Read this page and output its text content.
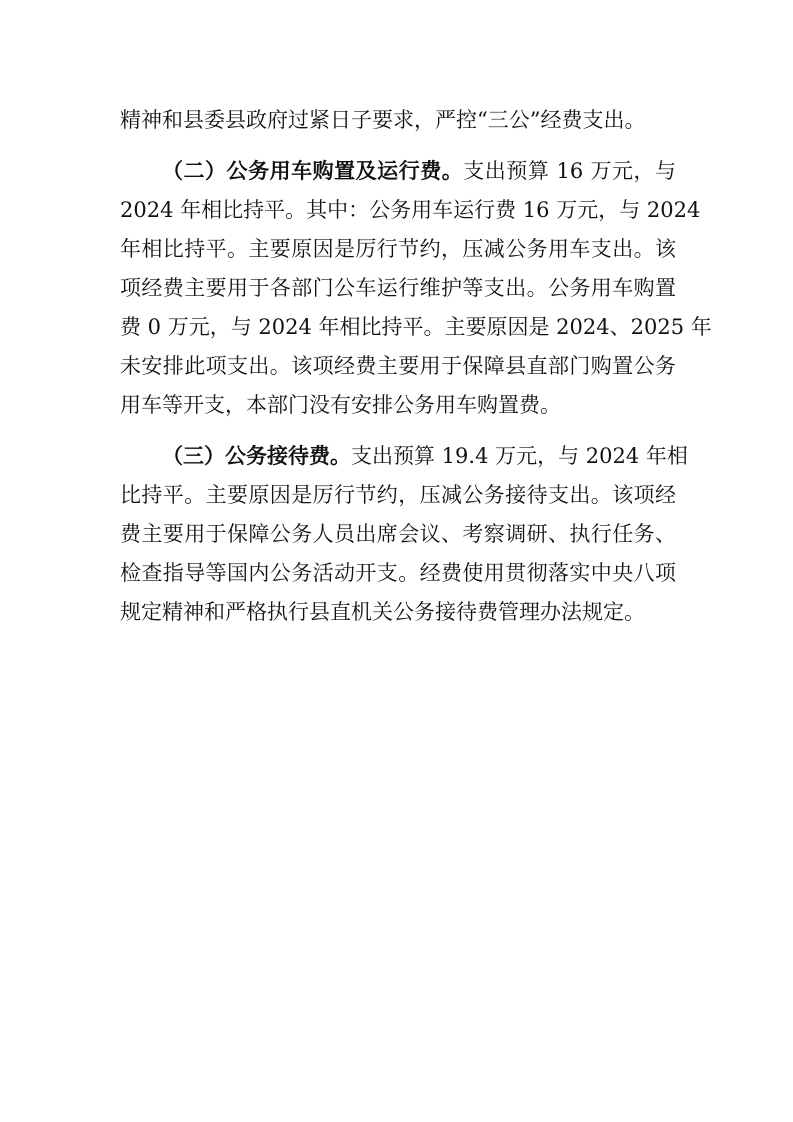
精神和县委县政府过紧日子要求，严控“三公”经费支出。
（二）公务用车购置及运行费。支出预算 16 万元，与
2024 年相比持平。其中：公务用车运行费 16 万元，与 2024
年相比持平。主要原因是厉行节约，压减公务用车支出。该
项经费主要用于各部门公车运行维护等支出。公务用车购置
费 0 万元，与 2024 年相比持平。主要原因是 2024、2025 年
未安排此项支出。该项经费主要用于保障县直部门购置公务
用车等开支，本部门没有安排公务用车购置费。
（三）公务接待费。支出预算 19.4 万元，与 2024 年相
比持平。主要原因是厉行节约，压减公务接待支出。该项经
费主要用于保障公务人员出席会议、考察调研、执行任务、
检查指导等国内公务活动开支。经费使用贯彻落实中央八项
规定精神和严格执行县直机关公务接待费管理办法规定。
